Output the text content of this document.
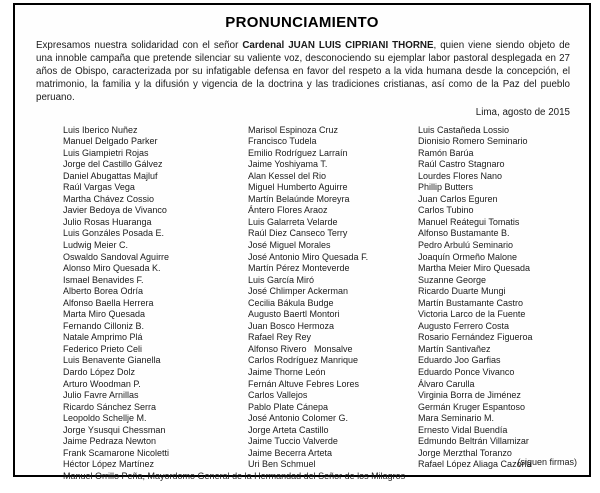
PRONUNCIAMIENTO
Expresamos nuestra solidaridad con el señor Cardenal JUAN LUIS CIPRIANI THORNE, quien viene siendo objeto de una innoble campaña que pretende silenciar su valiente voz, desconociendo su ejemplar labor pastoral desplegada en 27 años de Obispo, caracterizada por su infatigable defensa en favor del respeto a la vida humana desde la concepción, el matrimonio, la familia y la difusión y vigencia de la doctrina y las tradiciones cristianas, así como de la Paz del pueblo peruano.
Lima, agosto de 2015
Luis Iberico Nuñez
Manuel Delgado Parker
Luis Giampietri Rojas
Jorge del Castillo Gálvez
Daniel Abugattas Majluf
Raúl Vargas Vega
Martha Chávez Cossio
Javier Bedoya de Vivanco
Julio Rosas Huaranga
Luis Gonzáles Posada E.
Ludwig Meier C.
Oswaldo Sandoval Aguirre
Alonso Miro Quesada K.
Ismael Benavides F.
Alberto Borea Odría
Alfonso Baella Herrera
Marta Miro Quesada
Fernando Cilloniz B.
Natale Amprimo Plá
Federico Prieto Celi
Luis Benavente Gianella
Dardo López Dolz
Arturo Woodman P.
Julio Favre Arnillas
Ricardo Sánchez Serra
Leopoldo Schellje M.
Jorge Ysusqui Chessman
Jaime Pedraza Newton
Frank Scamarone Nicoletti
Héctor López Martínez
Marisol Espinoza Cruz
Francisco Tudela
Emilio Rodríguez Larraín
Jaime Yoshiyama T.
Alan Kessel del Rio
Miguel Humberto Aguirre
Martín Belaúnde Moreyra
Ántero Flores Araoz
Luis Galarreta Velarde
Raúl Diez Canseco Terry
José Miguel Morales
José Antonio Miro Quesada F.
Martín Pérez Monteverde
Luis García Miró
José Chlimper Ackerman
Cecilia Bákula Budge
Augusto Baertl Montori
Juan Bosco Hermoza
Rafael Rey Rey
Alfonso Rivero   Monsalve
Carlos Rodríguez Manrique
Jaime Thorne León
Fernán Altuve Febres Lores
Carlos Vallejos
Pablo Plate Cánepa
José Antonio Colomer G.
Jorge Arteta Castillo
Jaime Tuccio Valverde
Jaime Becerra Arteta
Uri Ben Schmuel
Luis Castañeda Lossio
Dionisio Romero Seminario
Ramón Barúa
Raúl Castro Stagnaro
Lourdes Flores Nano
Phillip Butters
Juan Carlos Eguren
Carlos Tubino
Manuel Reátegui Tomatis
Alfonso Bustamante B.
Pedro Arbulú Seminario
Joaquín Ormeño Malone
Martha Meier Miro Quesada
Suzanne George
Ricardo Duarte Mungi
Martín Bustamante Castro
Victoria Larco de la Fuente
Augusto Ferrero Costa
Rosario Fernández Figueroa
Martín Santivañez
Eduardo Joo Garfias
Eduardo Ponce Vivanco
Álvaro Carulla
Virginia Borra de Jiménez
Germán Kruger Espantoso
Mara Seminario M.
Ernesto Vidal Buendía
Edmundo Beltrán Villamizar
Jorge Merzthal Toranzo
Rafael López Aliaga Cazorla
Manuel Orrillo Peña, Mayordomo General de la Hermandad del Señor de los Milagros
(siguen firmas)
